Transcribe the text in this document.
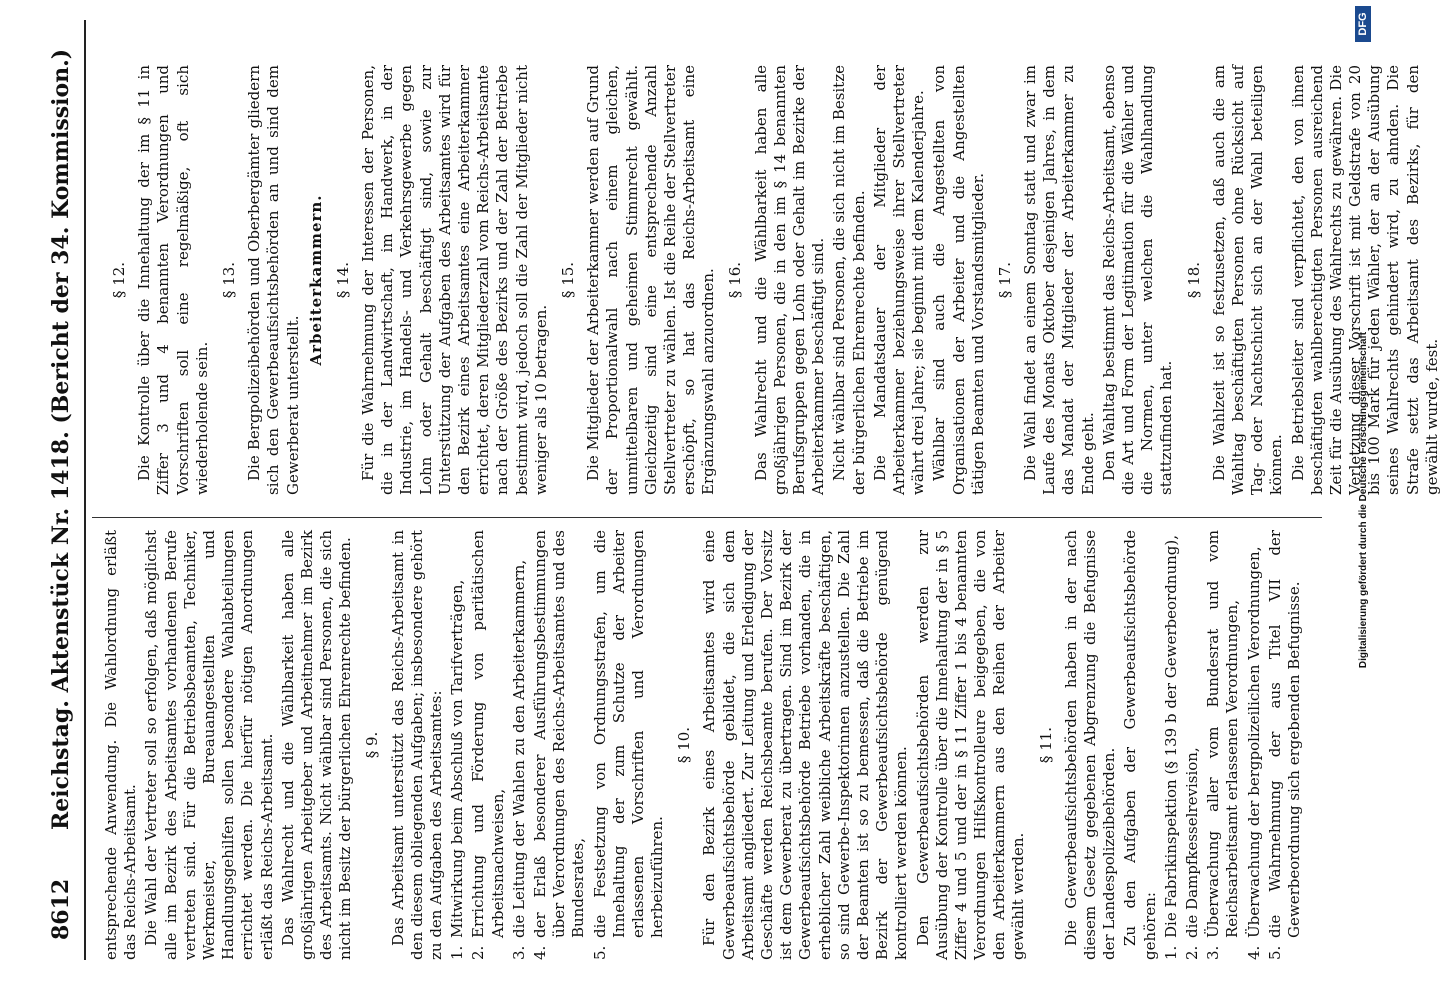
8612
Reichstag. Aktenstück Nr. 1418. (Bericht der 34. Kommission.) entsprechende Anwendung. Die Wahlordnung erläßt das Reichs-Arbeitsamt. Die Wahl der Vertreter soll so erfolgen, daß möglichst alle im Bezirk des Arbeitsamtes vorhandenen Berufe vertreten sind. Für die Betriebsbeamten, Techniker, Werkmeister, Bureauangestellten und Handlungsgehilfen sollen besondere Wahlabteilungen errichtet werden. Die hierfür nötigen Anordnungen erläßt das Reichs-Arbeitsamt. Das Wahlrecht und die Wählbarkeit haben alle großjährigen Arbeitgeber und Arbeitnehmer im Bezirk des Arbeitsamts. Nicht wählbar sind Personen, die sich nicht im Besitz der bürgerlichen Ehrenrechte befinden. § 9. Das Arbeitsamt unterstützt das Reichs-Arbeitsamt in den diesem obliegenden Aufgaben; insbesondere gehört zu den Aufgaben des Arbeitsamtes: 1.
Mitwirkung beim Abschluß von Tarifverträgen,
2.
Errichtung und Förderung von paritätischen Arbeitsnachweisen,
3.
die Leitung der Wahlen zu den Arbeiterkammern,
4.
der Erlaß besonderer Ausführungsbestimmungen über Verordnungen des Reichs-Arbeitsamtes und des Bundesrates,
5.
die Festsetzung von Ordnungsstrafen, um die Innehaltung der zum Schutze der Arbeiter erlassenen Vorschriften und Verordnungen herbeizuführen.
§ 10. Für den Bezirk eines Arbeitsamtes wird eine Gewerbeaufsichtsbehörde gebildet, die sich dem Arbeitsamt angliedert. Zur Leitung und Erledigung der Geschäfte werden Reichsbeamte berufen. Der Vorsitz ist dem Gewerberat zu übertragen. Sind im Bezirk der Gewerbeaufsichtsbehörde Betriebe vorhanden, die in erheblicher Zahl weibliche Arbeitskräfte beschäftigen, so sind Gewerbe-Inspektorinnen anzustellen. Die Zahl der Beamten ist so zu bemessen, daß die Betriebe im Bezirk der Gewerbeaufsichtsbehörde genügend kontrolliert werden können. Den Gewerbeaufsichtsbehörden werden zur Ausübung der Kontrolle über die Innehaltung der in § 5 Ziffer 4 und 5 und der in § 11 Ziffer 1 bis 4 benannten Verordnungen Hilfskontrolleure beigegeben, die von den Arbeiterkammern aus den Reihen der Arbeiter gewählt werden.

§ 11. Die Gewerbeaufsichtsbehörden haben in der nach diesem Gesetz gegebenen Abgrenzung die Befugnisse der Landespolizeibehörden. Zu den Aufgaben der Gewerbeaufsichtsbehörde gehören: 1.
Die Fabrikinspektion (§ 139 b der Gewerbeordnung),
2.
die Dampfkesselrevision,
3.
Überwachung aller vom Bundesrat und vom Reichsarbeitsamt erlassenen Verordnungen,
4.
Überwachung der bergpolizeilichen Verordnungen,
5.
die Wahrnehmung der aus Titel VII der Gewerbeordnung sich ergebenden Befugnisse.
§ 12. Die Kontrolle über die Innehaltung der im § 11 in Ziffer 3 und 4 benannten Verordnungen und Vorschriften soll eine regelmäßige, oft sich wiederholende sein.

§ 13. Die Bergpolizeibehörden und Oberbergämter gliedern sich den Gewerbeaufsichtsbehörden an und sind dem Gewerberat unterstellt.

Arbeiterkammern. § 14. Für die Wahrnehmung der Interessen der Personen, die in der Landwirtschaft, im Handwerk, in der Industrie, im Handels- und Verkehrsgewerbe gegen Lohn oder Gehalt beschäftigt sind, sowie zur Unterstützung der Aufgaben des Arbeitsamtes wird für den Bezirk eines Arbeitsamtes eine Arbeiterkammer errichtet, deren Mitgliederzahl vom Reichs-Arbeitsamte nach der Größe des Bezirks und der Zahl der Betriebe bestimmt wird, jedoch soll die Zahl der Mitglieder nicht weniger als 10 betragen.

§ 15. Die Mitglieder der Arbeiterkammer werden auf Grund der Proportionalwahl nach einem gleichen, unmittelbaren und geheimen Stimmrecht gewählt. Gleichzeitig sind eine entsprechende Anzahl Stellvertreter zu wählen. Ist die Reihe der Stellvertreter erschöpft, so hat das Reichs-Arbeitsamt eine Ergänzungswahl anzuordnen. § 16. Das Wahlrecht und die Wählbarkeit haben alle großjährigen Personen, die in den im § 14 benannten Berufsgruppen gegen Lohn oder Gehalt im Bezirke der Arbeiterkammer beschäftigt sind. Nicht wählbar sind Personen, die sich nicht im Besitze der bürgerlichen Ehrenrechte befinden. Die Mandatsdauer der Mitglieder der Arbeiterkammer beziehungsweise ihrer Stellvertreter währt drei Jahre; sie beginnt mit dem Kalenderjahre. Wählbar sind auch die Angestellten von Organisationen der Arbeiter und die Angestellten tätigen Beamten und Vorstandsmitglieder. § 17. Die Wahl findet an einem Sonntag statt und zwar im Laufe des Monats Oktober desjenigen Jahres, in dem das Mandat der Mitglieder der Arbeiterkammer zu Ende geht. Den Wahltag bestimmt das Reichs-Arbeitsamt, ebenso die Art und Form der Legitimation für die Wähler und die Normen, unter welchen die Wahlhandlung stattzufinden hat.

§ 18. Die Wahlzeit ist so festzusetzen, daß auch die am Wahltag beschäftigten Personen ohne Rücksicht auf Tag- oder Nachtschicht sich an der Wahl beteiligen können. Die Betriebsleiter sind verpflichtet, den von ihnen beschäftigten wahlberechtigten Personen ausreichend Zeit für die Ausübung des Wahlrechts zu gewähren. Die Verletzung dieser Vorschrift ist mit Geldstrafe von 20 bis 100 Mark für jeden Wähler, der an der Ausübung seines Wahlrechts gehindert wird, zu ahnden. Die Strafe setzt das Arbeitsamt des Bezirks, für den gewählt wurde, fest.

Digitalisierung gefördert durch die Deutsche Forschungsgemeinschaft
DFG
